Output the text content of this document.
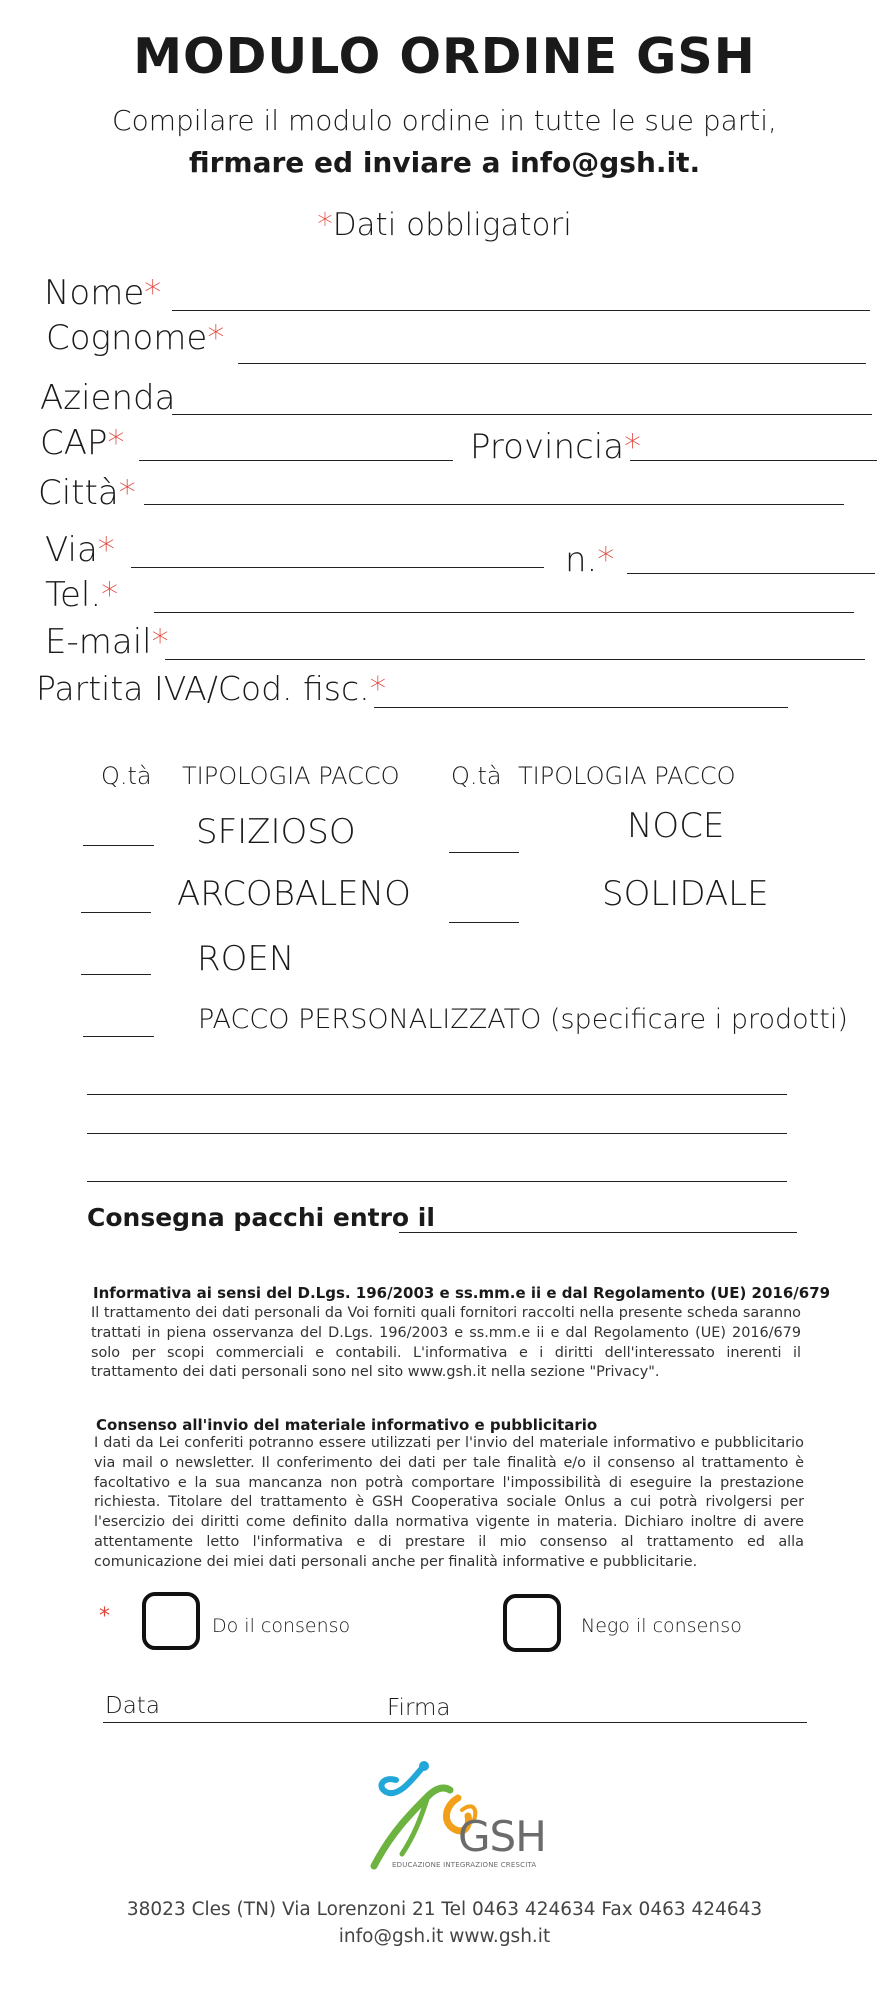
MODULO ORDINE GSH
Compilare il modulo ordine in tutte le sue parti,
firmare ed inviare a info@gsh.it.
*Dati obbligatori
Nome*
Cognome*
Azienda
CAP*	Provincia*
Città*
Via*	n.*
Tel.*
E-mail*
Partita IVA/Cod. fisc.*
Q.tà TIPOLOGIA PACCO Q.tà TIPOLOGIA PACCO
SFIZIOSO	NOCE
ARCOBALENO	SOLIDALE
ROEN
PACCO PERSONALIZZATO (specificare i prodotti)
Consegna pacchi entro il
Informativa ai sensi del D.Lgs. 196/2003 e ss.mm.e ii e dal Regolamento (UE) 2016/679
Il trattamento dei dati personali da Voi forniti quali fornitori raccolti nella presente scheda saranno trattati in piena osservanza del D.Lgs. 196/2003 e ss.mm.e ii e dal Regolamento (UE) 2016/679 solo per scopi commerciali e contabili. L'informativa e i diritti dell'interessato inerenti il trattamento dei dati personali sono nel sito www.gsh.it nella sezione "Privacy".
Consenso all'invio del materiale informativo e pubblicitario
I dati da Lei conferiti potranno essere utilizzati per l'invio del materiale informativo e pubblicitario via mail o newsletter. Il conferimento dei dati per tale finalità e/o il consenso al trattamento è facoltativo e la sua mancanza non potrà comportare l'impossibilità di eseguire la prestazione richiesta. Titolare del trattamento è GSH Cooperativa sociale Onlus a cui potrà rivolgersi per l'esercizio dei diritti come definito dalla normativa vigente in materia. Dichiaro inoltre di avere attentamente letto l'informativa e di prestare il mio consenso al trattamento ed alla comunicazione dei miei dati personali anche per finalità informative e pubblicitarie.
*	Do il consenso	Nego il consenso
Data	Firma
GSH
EDUCAZIONE INTEGRAZIONE CRESCITA
38023 Cles (TN) Via Lorenzoni 21 Tel 0463 424634 Fax 0463 424643
info@gsh.it www.gsh.it
